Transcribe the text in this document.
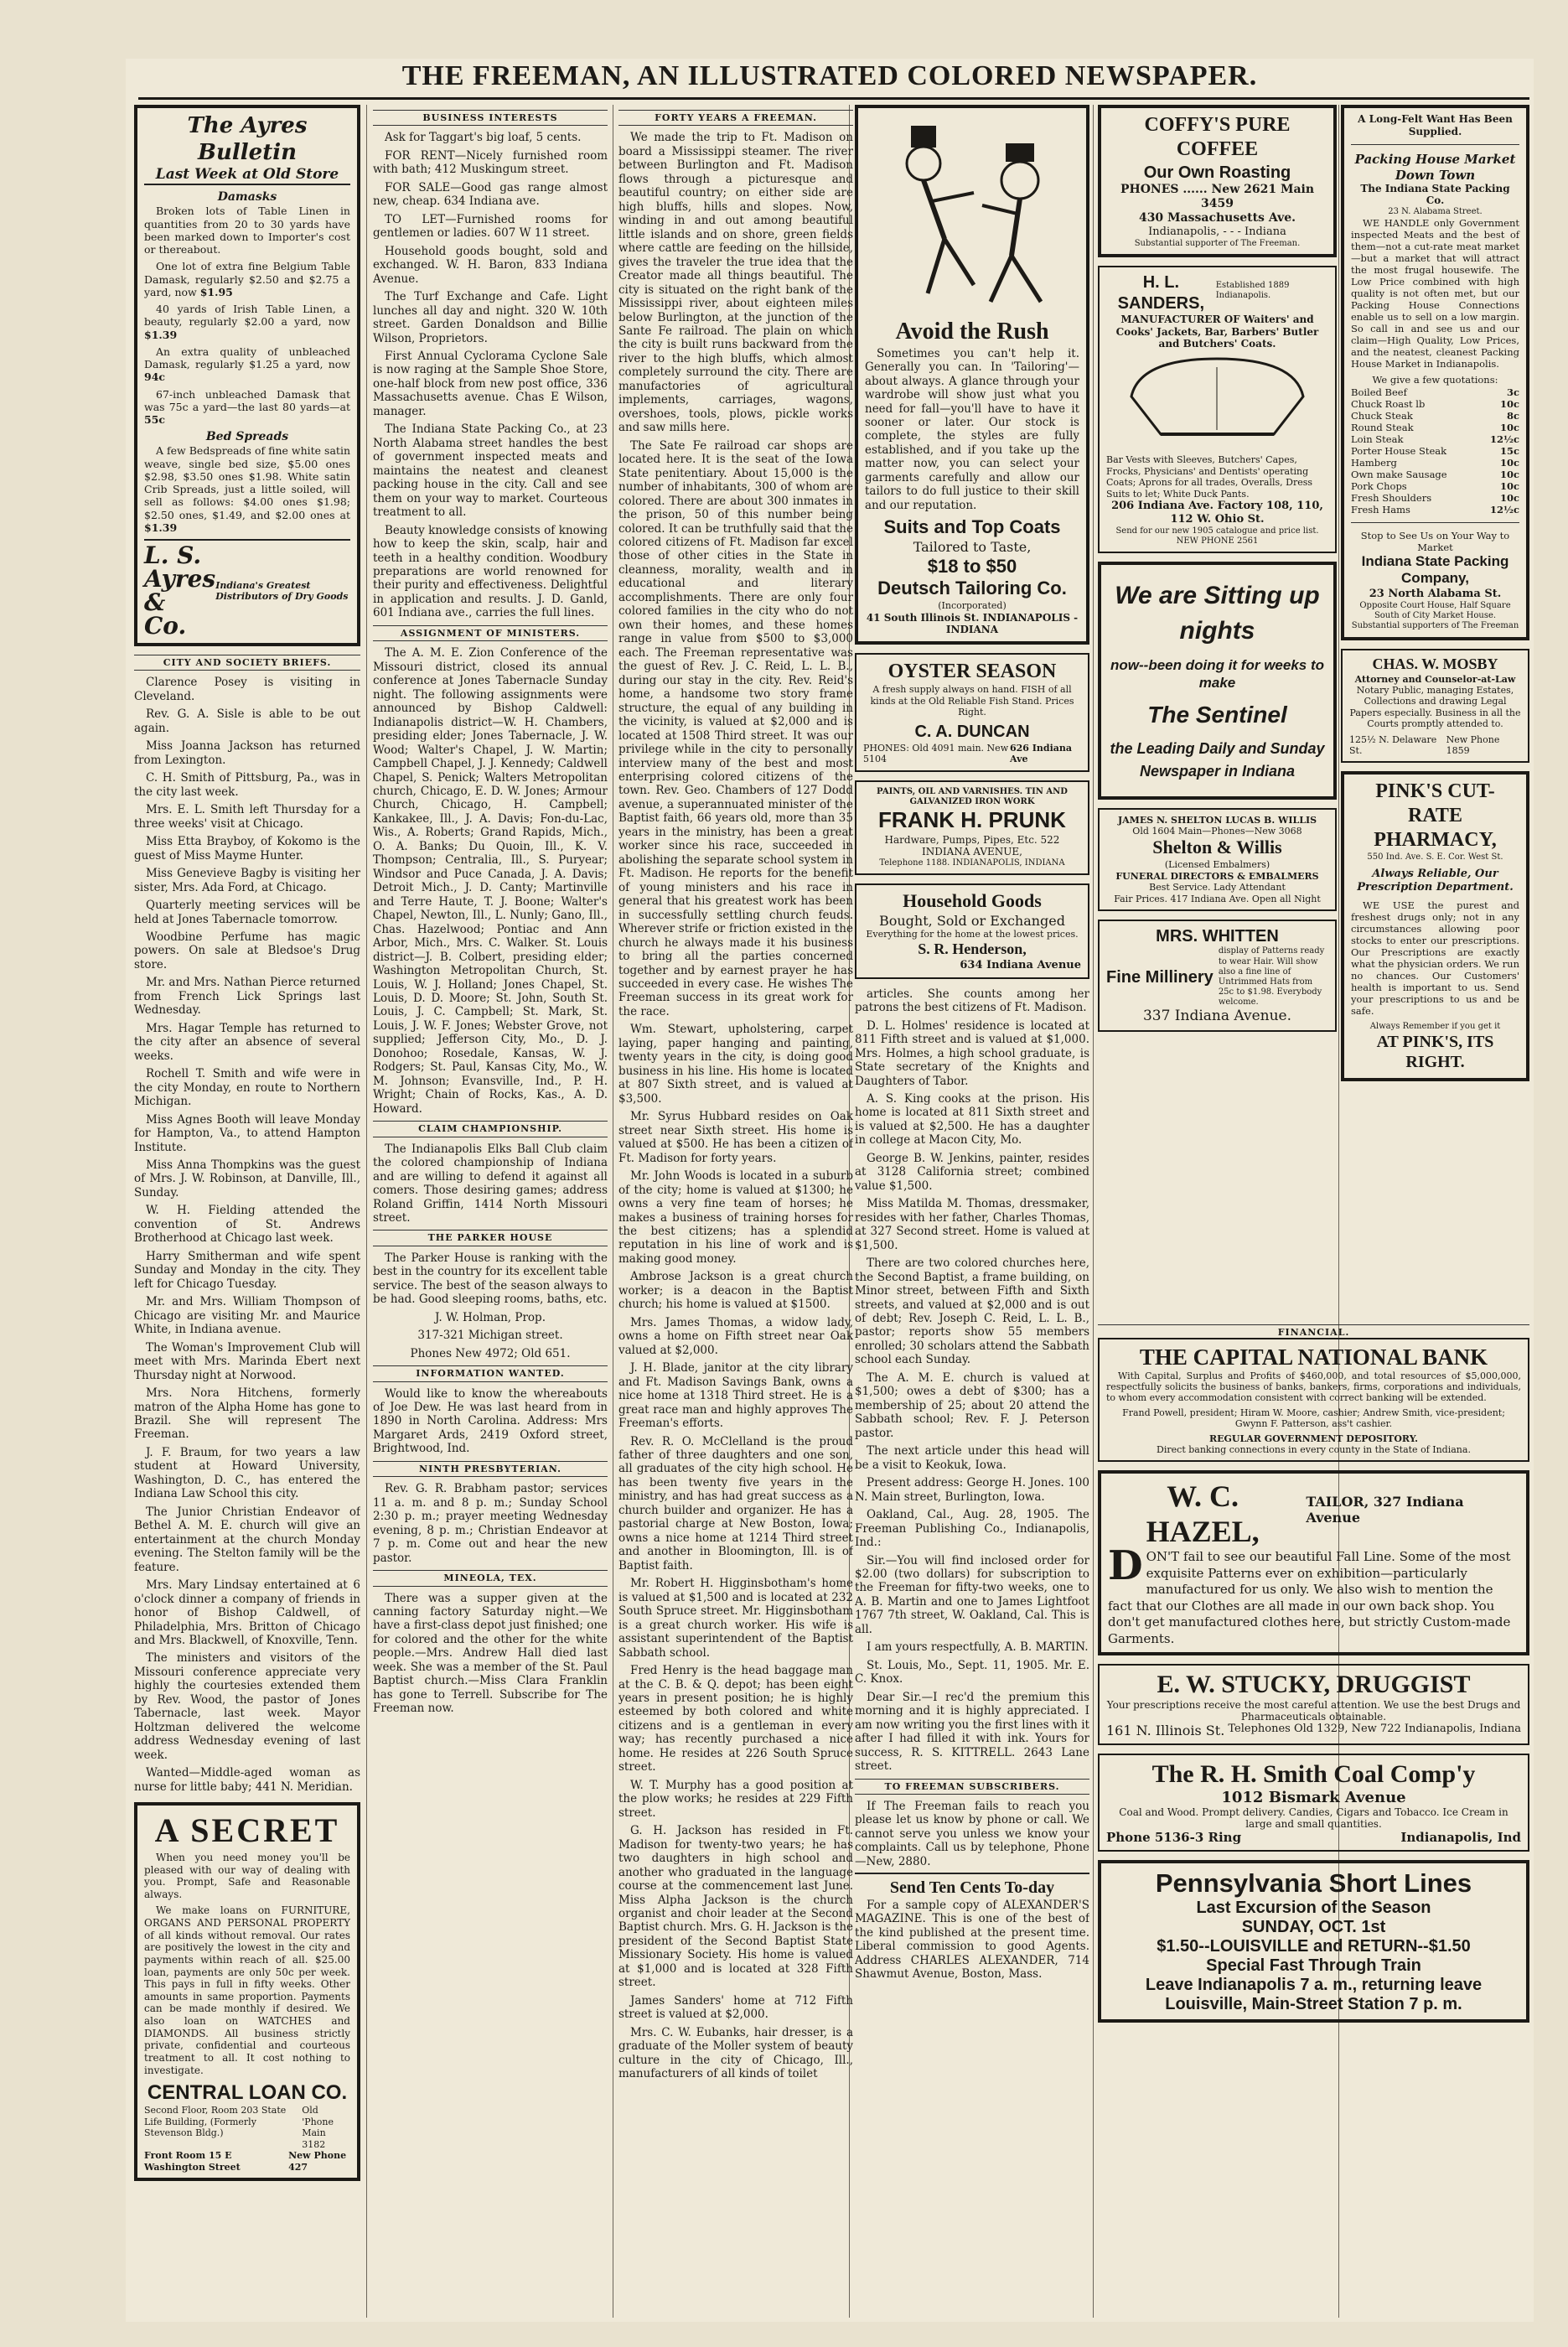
THE FREEMAN, AN ILLUSTRATED COLORED NEWSPAPER.
The Ayres Bulletin
Last Week at Old Store
Damasks

Broken lots of Table Linen in quantities from 20 to 30 yards have been marked down to Importer's cost or thereabout.

One lot of extra fine Belgium Table Damask, regularly $2.50 and $2.75 a yard, now $1.95

40 yards of Irish Table Linen, a beauty, regularly $2.00 a yard, now $1.39

An extra quality of unbleached Damask, regularly $1.25 a yard, now 94c

67-inch unbleached Damask that was 75c a yard—the last 80 yards—at 55c

Bed Spreads

A few Bedspreads of fine white satin weave, single bed size, $5.00 ones $2.98, $3.50 ones $1.98. White satin Crib Spreads, just a little soiled, will sell as follows: $4.00 ones $1.98; $2.50 ones, $1.49, and $2.00 ones at $1.39

L. S. Ayres & Co.
Indiana's Greatest Distributors of Dry Goods
CITY AND SOCIETY BRIEFS.

Clarence Posey is visiting in Cleveland.

Rev. G. A. Sisle is able to be out again.

Miss Joanna Jackson has returned from Lexington.

C. H. Smith of Pittsburg, Pa., was in the city last week.

Mrs. E. L. Smith left Thursday for a three weeks' visit at Chicago.

Miss Etta Brayboy, of Kokomo is the guest of Miss Mayme Hunter.

Miss Genevieve Bagby is visiting her sister, Mrs. Ada Ford, at Chicago.

Quarterly meeting services will be held at Jones Tabernacle tomorrow.

Woodbine Perfume has magic powers. On sale at Bledsoe's Drug store.

Mr. and Mrs. Nathan Pierce returned from French Lick Springs last Wednesday.

Mrs. Hagar Temple has returned to the city after an absence of several weeks.

Rochell T. Smith and wife were in the city Monday, en route to Northern Michigan.

Miss Agnes Booth will leave Monday for Hampton, Va., to attend Hampton Institute.

Miss Anna Thompkins was the guest of Mrs. J. W. Robinson, at Danville, Ill., Sunday.

W. H. Fielding attended the convention of St. Andrews Brotherhood at Chicago last week.

Harry Smitherman and wife spent Sunday and Monday in the city. They left for Chicago Tuesday.

Mr. and Mrs. William Thompson of Chicago are visiting Mr. and Maurice White, in Indiana avenue.

The Woman's Improvement Club will meet with Mrs. Marinda Ebert next Thursday night at Norwood.

Mrs. Nora Hitchens, formerly matron of the Alpha Home has gone to Brazil. She will represent The Freeman.

J. F. Braum, for two years a law student at Howard University, Washington, D. C., has entered the Indiana Law School this city.

The Junior Christian Endeavor of Bethel A. M. E. church will give an entertainment at the church Monday evening. The Stelton family will be the feature.

Mrs. Mary Lindsay entertained at 6 o'clock dinner a company of friends in honor of Bishop Caldwell, of Philadelphia, Mrs. Britton of Chicago and Mrs. Blackwell, of Knoxville, Tenn.

The ministers and visitors of the Missouri conference appreciate very highly the courtesies extended them by Rev. Wood, the pastor of Jones Tabernacle, last week. Mayor Holtzman delivered the welcome address Wednesday evening of last week.

Wanted—Middle-aged woman as nurse for little baby; 441 N. Meridian.

A SECRET

When you need money you'll be pleased with our way of dealing with you. Prompt, Safe and Reasonable always.

We make loans on FURNITURE, ORGANS AND PERSONAL PROPERTY of all kinds without removal. Our rates are positively the lowest in the city and payments within reach of all. $25.00 loan, payments are only 50c per week. This pays in full in fifty weeks. Other amounts in same proportion. Payments can be made monthly if desired. We also loan on WATCHES and DIAMONDS. All business strictly private, confidential and courteous treatment to all. It cost nothing to investigate.

CENTRAL LOAN CO.
Second Floor, Room 203 State Life Building, (Formerly Stevenson Bldg.)
Old 'Phone Main 3182
Front Room 15 E Washington Street
New Phone 427
BUSINESS INTERESTS

Ask for Taggart's big loaf, 5 cents.

FOR RENT—Nicely furnished room with bath; 412 Muskingum street.

FOR SALE—Good gas range almost new, cheap. 634 Indiana ave.

TO LET—Furnished rooms for gentlemen or ladies. 607 W 11 street.

Household goods bought, sold and exchanged. W. H. Baron, 833 Indiana Avenue.

The Turf Exchange and Cafe. Light lunches all day and night. 320 W. 10th street. Garden Donaldson and Billie Wilson, Proprietors.

First Annual Cyclorama Cyclone Sale is now raging at the Sample Shoe Store, one-half block from new post office, 336 Massachusetts avenue. Chas E Wilson, manager.

The Indiana State Packing Co., at 23 North Alabama street handles the best of government inspected meats and maintains the neatest and cleanest packing house in the city. Call and see them on your way to market. Courteous treatment to all.

Beauty knowledge consists of knowing how to keep the skin, scalp, hair and teeth in a healthy condition. Woodbury preparations are world renowned for their purity and effectiveness. Delightful in application and results. J. D. Ganld, 601 Indiana ave., carries the full lines.

ASSIGNMENT OF MINISTERS.

The A. M. E. Zion Conference of the Missouri district, closed its annual conference at Jones Tabernacle Sunday night. The following assignments were announced by Bishop Caldwell: Indianapolis district—W. H. Chambers, presiding elder; Jones Tabernacle, J. W. Wood; Walter's Chapel, J. W. Martin; Campbell Chapel, J. J. Kennedy; Caldwell Chapel, S. Penick; Walters Metropolitan church, Chicago, E. D. W. Jones; Armour Church, Chicago, H. Campbell; Kankakee, Ill., J. A. Davis; Fon-du-Lac, Wis., A. Roberts; Grand Rapids, Mich., O. A. Banks; Du Quoin, Ill., K. V. Thompson; Centralia, Ill., S. Puryear; Windsor and Puce Canada, J. A. Davis; Detroit Mich., J. D. Canty; Martinville and Terre Haute, T. J. Boone; Walter's Chapel, Newton, Ill., L. Nunly; Gano, Ill., Chas. Hazelwood; Pontiac and Ann Arbor, Mich., Mrs. C. Walker. St. Louis district—J. B. Colbert, presiding elder; Washington Metropolitan Church, St. Louis, W. J. Holland; Jones Chapel, St. Louis, D. D. Moore; St. John, South St. Louis, J. C. Campbell; St. Mark, St. Louis, J. W. F. Jones; Webster Grove, not supplied; Jefferson City, Mo., D. J. Donohoo; Rosedale, Kansas, W. J. Rodgers; St. Paul, Kansas City, Mo., W. M. Johnson; Evansville, Ind., P. H. Wright; Chain of Rocks, Kas., A. D. Howard.

CLAIM CHAMPIONSHIP.

The Indianapolis Elks Ball Club claim the colored championship of Indiana and are willing to defend it against all comers. Those desiring games; address Roland Griffin, 1414 North Missouri street.

THE PARKER HOUSE

The Parker House is ranking with the best in the country for its excellent table service. The best of the season always to be had. Good sleeping rooms, baths, etc.

J. W. Holman, Prop.

317-321 Michigan street.

Phones New 4972; Old 651.

INFORMATION WANTED.

Would like to know the whereabouts of Joe Dew. He was last heard from in 1890 in North Carolina. Address: Mrs Margaret Ards, 2419 Oxford street, Brightwood, Ind.

NINTH PRESBYTERIAN.

Rev. G. R. Brabham pastor; services 11 a. m. and 8 p. m.; Sunday School 2:30 p. m.; prayer meeting Wednesday evening, 8 p. m.; Christian Endeavor at 7 p. m. Come out and hear the new pastor.

MINEOLA, TEX.

There was a supper given at the canning factory Saturday night.—We have a first-class depot just finished; one for colored and the other for the white people.—Mrs. Andrew Hall died last week. She was a member of the St. Paul Baptist church.—Miss Clara Franklin has gone to Terrell. Subscribe for The Freeman now.

FORTY YEARS A FREEMAN.

We made the trip to Ft. Madison on board a Mississippi steamer. The river between Burlington and Ft. Madison flows through a picturesque and beautiful country; on either side are high bluffs, hills and slopes. Now, winding in and out among beautiful little islands and on shore, green fields where cattle are feeding on the hillside, gives the traveler the true idea that the Creator made all things beautiful. The city is situated on the right bank of the Mississippi river, about eighteen miles below Burlington, at the junction of the Sante Fe railroad. The plain on which the city is built runs backward from the river to the high bluffs, which almost completely surround the city. There are manufactories of agricultural implements, carriages, wagons, overshoes, tools, plows, pickle works and saw mills here.

The Sate Fe railroad car shops are located here. It is the seat of the Iowa State penitentiary. About 15,000 is the number of inhabitants, 300 of whom are colored. There are about 300 inmates in the prison, 50 of this number being colored. It can be truthfully said that the colored citizens of Ft. Madison far excel those of other cities in the State in cleanness, morality, wealth and in educational and literary accomplishments. There are only four colored families in the city who do not own their homes, and these homes range in value from $500 to $3,000 each. The Freeman representative was the guest of Rev. J. C. Reid, L. L. B., during our stay in the city. Rev. Reid's home, a handsome two story frame structure, the equal of any building in the vicinity, is valued at $2,000 and is located at 1508 Third street. It was our privilege while in the city to personally interview many of the best and most enterprising colored citizens of the town. Rev. Geo. Chambers of 127 Dodd avenue, a superannuated minister of the Baptist faith, 66 years old, more than 35 years in the ministry, has been a great worker since his race, succeeded in abolishing the separate school system in Ft. Madison. He reports for the benefit of young ministers and his race in general that his greatest work has been in successfully settling church feuds. Wherever strife or friction existed in the church he always made it his business to bring all the parties concerned together and by earnest prayer he has succeeded in every case. He wishes The Freeman success in its great work for the race.

Wm. Stewart, upholstering, carpet laying, paper hanging and painting, twenty years in the city, is doing good business in his line. His home is located at 807 Sixth street, and is valued at $3,500.

Mr. Syrus Hubbard resides on Oak street near Sixth street. His home is valued at $500. He has been a citizen of Ft. Madison for forty years.

Mr. John Woods is located in a suburb of the city; home is valued at $1300; he owns a very fine team of horses; he makes a business of training horses for the best citizens; has a splendid reputation in his line of work and is making good money.

Ambrose Jackson is a great church worker; is a deacon in the Baptist church; his home is valued at $1500.

Mrs. James Thomas, a widow lady, owns a home on Fifth street near Oak valued at $2,000.

J. H. Blade, janitor at the city library and Ft. Madison Savings Bank, owns a nice home at 1318 Third street. He is a great race man and highly approves The Freeman's efforts.

Rev. R. O. McClelland is the proud father of three daughters and one son, all graduates of the city high school. He has been twenty five years in the ministry, and has had great success as a church builder and organizer. He has a pastorial charge at New Boston, Iowa; owns a nice home at 1214 Third street and another in Bloomington, Ill. is of Baptist faith.

Mr. Robert H. Higginsbotham's home is valued at $1,500 and is located at 232 South Spruce street. Mr. Higginsbotham is a great church worker. His wife is assistant superintendent of the Baptist Sabbath school.

Fred Henry is the head baggage man at the C. B. & Q. depot; has been eight years in present position; he is highly esteemed by both colored and white citizens and is a gentleman in every way; has recently purchased a nice home. He resides at 226 South Spruce street.

W. T. Murphy has a good position at the plow works; he resides at 229 Fifth street.

G. H. Jackson has resided in Ft. Madison for twenty-two years; he has two daughters in high school and another who graduated in the language course at the commencement last June. Miss Alpha Jackson is the church organist and choir leader at the Second Baptist church. Mrs. G. H. Jackson is the president of the Second Baptist State Missionary Society. His home is valued at $1,000 and is located at 328 Fifth street.

James Sanders' home at 712 Fifth street is valued at $2,000.

Mrs. C. W. Eubanks, hair dresser, is a graduate of the Moller system of beauty culture in the city of Chicago, Ill., manufacturers of all kinds of toilet

Avoid the Rush

Sometimes you can't help it. Generally you can. In 'Tailoring'—about always. A glance through your wardrobe will show just what you need for fall—you'll have to have it sooner or later. Our stock is complete, the styles are fully established, and if you take up the matter now, you can select your garments carefully and allow our tailors to do full justice to their skill and our reputation.

Suits and Top Coats
Tailored to Taste,
$18 to $50
Deutsch Tailoring Co.
(Incorporated)
41 South Illinois St. INDIANAPOLIS - INDIANA
OYSTER SEASON

A fresh supply always on hand. FISH of all kinds at the Old Reliable Fish Stand. Prices Right.

C. A. DUNCAN
PHONES: Old 4091 main. New 5104
626 Indiana Ave
PAINTS, OIL AND VARNISHES. TIN AND GALVANIZED IRON WORK
FRANK H. PRUNK
Hardware, Pumps, Pipes, Etc. 522 INDIANA AVENUE,
Telephone 1188. INDIANAPOLIS, INDIANA
Household Goods
Bought, Sold or Exchanged
Everything for the home at the lowest prices.
S. R. Henderson,
634 Indiana Avenue

articles. She counts among her patrons the best citizens of Ft. Madison.

D. L. Holmes' residence is located at 811 Fifth street and is valued at $1,000. Mrs. Holmes, a high school graduate, is State secretary of the Knights and Daughters of Tabor.

A. S. King cooks at the prison. His home is located at 811 Sixth street and is valued at $2,500. He has a daughter in college at Macon City, Mo.

George B. W. Jenkins, painter, resides at 3128 California street; combined value $1,500.

Miss Matilda M. Thomas, dressmaker, resides with her father, Charles Thomas, at 327 Second street. Home is valued at $1,500.

There are two colored churches here, the Second Baptist, a frame building, on Minor street, between Fifth and Sixth streets, and valued at $2,000 and is out of debt; Rev. Joseph C. Reid, L. L. B., pastor; reports show 55 members enrolled; 30 scholars attend the Sabbath school each Sunday.

The A. M. E. church is valued at $1,500; owes a debt of $300; has a membership of 25; about 20 attend the Sabbath school; Rev. F. J. Peterson pastor.

The next article under this head will be a visit to Keokuk, Iowa.

Present address: George H. Jones. 100 N. Main street, Burlington, Iowa.

Oakland, Cal., Aug. 28, 1905. The Freeman Publishing Co., Indianapolis, Ind.:

Sir.—You will find inclosed order for $2.00 (two dollars) for subscription to the Freeman for fifty-two weeks, one to A. B. Martin and one to James Lightfoot 1767 7th street, W. Oakland, Cal. This is all.

I am yours respectfully, A. B. MARTIN.

St. Louis, Mo., Sept. 11, 1905. Mr. E. C. Knox.

Dear Sir.—I rec'd the premium this morning and it is highly appreciated. I am now writing you the first lines with it after I had filled it with ink. Yours for success, R. S. KITTRELL. 2643 Lane street.

TO FREEMAN SUBSCRIBERS.

If The Freeman fails to reach you please let us know by phone or call. We cannot serve you unless we know your complaints. Call us by telephone, Phone—New, 2880.

Send Ten Cents To-day

For a sample copy of ALEXANDER'S MAGAZINE. This is one of the best of the kind published at the present time. Liberal commission to good Agents. Address CHARLES ALEXANDER, 714 Shawmut Avenue, Boston, Mass.

COFFY'S PURE COFFEE
Our Own Roasting
PHONES ...... New 2621 Main 3459
430 Massachusetts Ave.
Indianapolis, - - - Indiana
Substantial supporter of The Freeman.
H. L. SANDERS,
Established 1889 Indianapolis.
MANUFACTURER OF Waiters' and Cooks' Jackets, Bar, Barbers' Butler and Butchers' Coats.
Bar Vests with Sleeves, Butchers' Capes, Frocks, Physicians' and Dentists' operating Coats; Aprons for all trades, Overalls, Dress Suits to let; White Duck Pants.
206 Indiana Ave. Factory 108, 110, 112 W. Ohio St.
Send for our new 1905 catalogue and price list. NEW PHONE 2561
We are Sitting up nights
now--been doing it for weeks to make
The Sentinel
the Leading Daily and Sunday Newspaper in Indiana
JAMES N. SHELTON LUCAS B. WILLIS
Old 1604 Main—Phones—New 3068
Shelton & Willis
(Licensed Embalmers)
FUNERAL DIRECTORS & EMBALMERS
Best Service. Lady Attendant
Fair Prices. 417 Indiana Ave. Open all Night
MRS. WHITTEN
Fine Millinery
display of Patterns ready to wear Hair. Will show also a fine line of Untrimmed Hats from 25c to $1.98. Everybody welcome.
337 Indiana Avenue.
A Long-Felt Want Has Been Supplied.
Packing House Market Down Town
The Indiana State Packing Co.
23 N. Alabama Street.

WE HANDLE only Government inspected Meats and the best of them—not a cut-rate meat market—but a market that will attract the most frugal housewife. The Low Price combined with high quality is not often met, but our Packing House Connections enable us to sell on a low margin. So call in and see us and our claim—High Quality, Low Prices, and the neatest, cleanest Packing House Market in Indianapolis.

We give a few quotations:
Boiled Beef	3c
Chuck Roast lb	10c
Chuck Steak	8c
Round Steak	10c
Loin Steak	12½c
Porter House Steak	15c
Hamberg	10c
Own make Sausage	10c
Pork Chops	10c
Fresh Shoulders	10c
Fresh Hams	12½c
Stop to See Us on Your Way to Market
Indiana State Packing Company,
23 North Alabama St.
Opposite Court House, Half Square South of City Market House.
Substantial supporters of The Freeman
CHAS. W. MOSBY
Attorney and Counselor-at-Law

Notary Public, managing Estates, Collections and drawing Legal Papers especially. Business in all the Courts promptly attended to.

125½ N. Delaware St.
New Phone 1859
PINK'S CUT-RATE PHARMACY,
550 Ind. Ave. S. E. Cor. West St.
Always Reliable, Our Prescription Department.

WE USE the purest and freshest drugs only; not in any circumstances allowing poor stocks to enter our prescriptions. Our Prescriptions are exactly what the physician orders. We run no chances. Our Customers' health is important to us. Send your prescriptions to us and be safe.

Always Remember if you get it
AT PINK'S, ITS RIGHT.
FINANCIAL.
THE CAPITAL NATIONAL BANK

With Capital, Surplus and Profits of $460,000, and total resources of $5,000,000, respectfully solicits the business of banks, bankers, firms, corporations and individuals, to whom every accommodation consistent with correct banking will be extended.

Frand Powell, president; Hiram W. Moore, cashier; Andrew Smith, vice-president; Gwynn F. Patterson, ass't cashier.

REGULAR GOVERNMENT DEPOSITORY.
Direct banking connections in every county in the State of Indiana.
W. C. HAZEL,
TAILOR, 327 Indiana Avenue
D ON'T fail to see our beautiful Fall Line. Some of the most exquisite Patterns ever on exhibition—particularly manufactured for us only. We also wish to mention the fact that our Clothes are all made in our own back shop. You don't get manufactured clothes here, but strictly Custom-made Garments.
E. W. STUCKY, DRUGGIST
Your prescriptions receive the most careful attention. We use the best Drugs and Pharmaceuticals obtainable.
161 N. Illinois St. Telephones Old 1329, New 722 Indianapolis, Indiana
The R. H. Smith Coal Comp'y
1012 Bismark Avenue
Coal and Wood. Prompt delivery. Candies, Cigars and Tobacco. Ice Cream in large and small quantities.
Phone 5136-3 Ring	Indianapolis, Ind
Pennsylvania Short Lines
Last Excursion of the Season
SUNDAY, OCT. 1st
$1.50--LOUISVILLE and RETURN--$1.50
Special Fast Through Train
Leave Indianapolis 7 a. m., returning leave Louisville, Main-Street Station 7 p. m.
